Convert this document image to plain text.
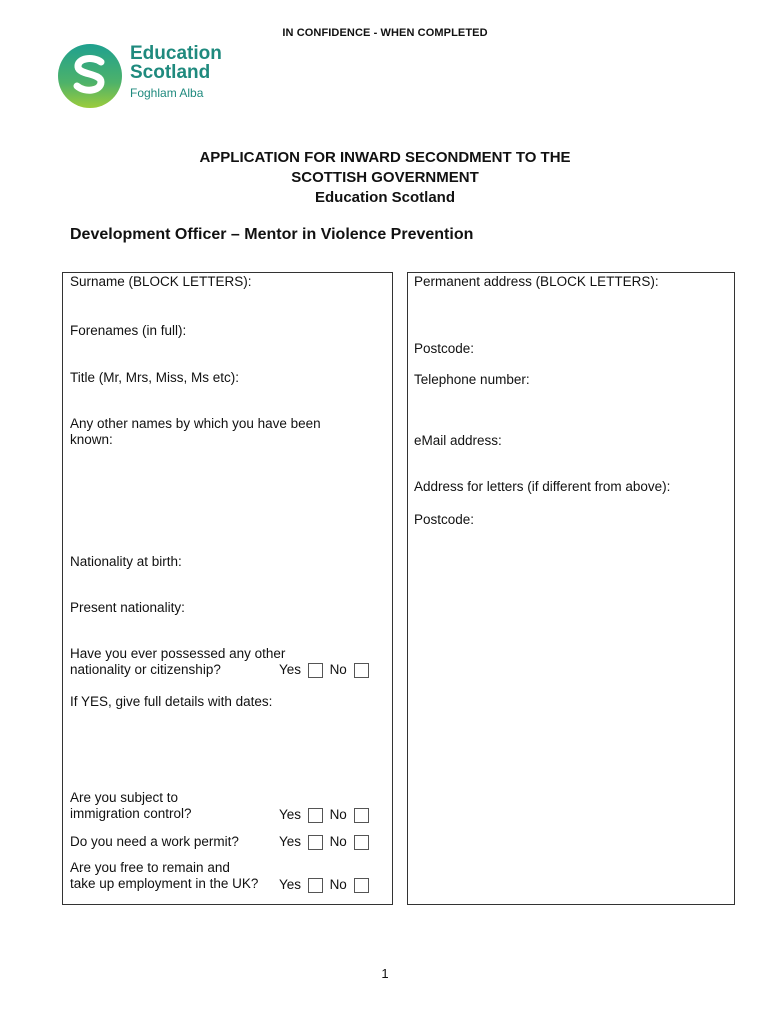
IN CONFIDENCE - WHEN COMPLETED
Education
Scotland
Foghlam Alba
APPLICATION FOR INWARD SECONDMENT TO THE
SCOTTISH GOVERNMENT
Education Scotland
Development Officer – Mentor in Violence Prevention
Surname (BLOCK LETTERS):
Forenames (in full):
Title (Mr, Mrs, Miss, Ms etc):
Any other names by which you have been
known:
Nationality at birth:
Present nationality:
Have you ever possessed any other
nationality or citizenship?	Yes No
If YES, give full details with dates:
Are you subject to
immigration control?	Yes No
Do you need a work permit?	Yes No
Are you free to remain and
take up employment in the UK? Yes No
Permanent address (BLOCK LETTERS):
Postcode:
Telephone number:
eMail address:
Address for letters (if different from above):
Postcode:
1
